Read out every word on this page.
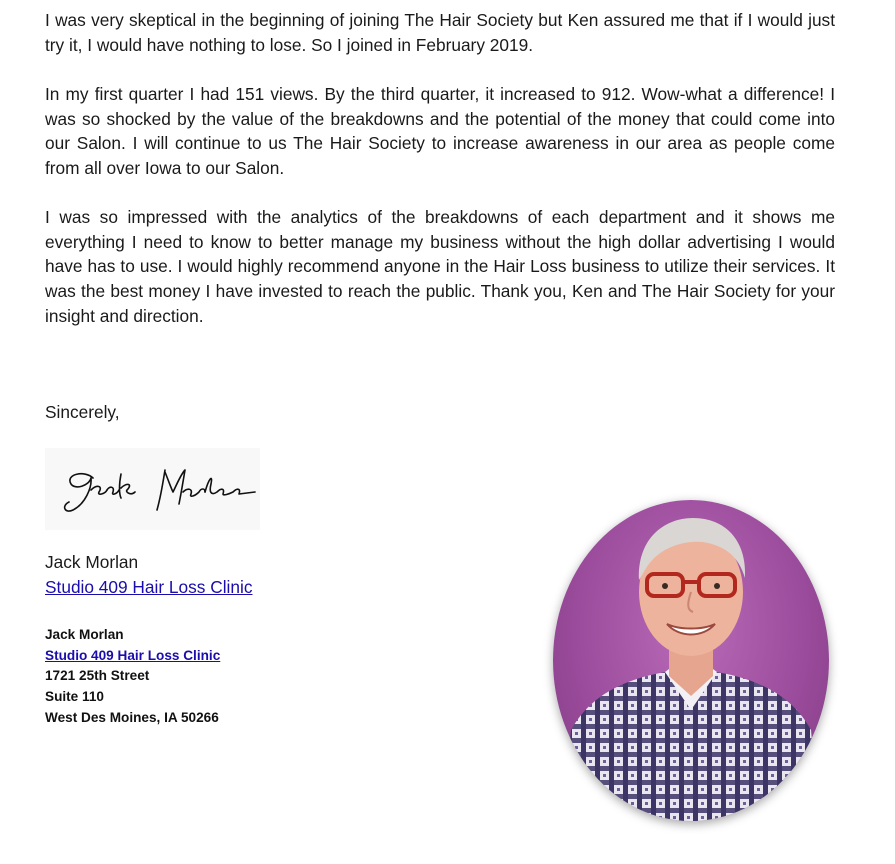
I was very skeptical in the beginning of joining The Hair Society but Ken assured me that if I would just try it, I would have nothing to lose. So I joined in February 2019.

In my first quarter I had 151 views. By the third quarter, it increased to 912. Wow-what a difference! I was so shocked by the value of the breakdowns and the potential of the money that could come into our Salon. I will continue to us The Hair Society to increase awareness in our area as people come from all over Iowa to our Salon.

I was so impressed with the analytics of the breakdowns of each department and it shows me everything I need to know to better manage my business without the high dollar advertising I would have has to use. I would highly recommend anyone in the Hair Loss business to utilize their services. It was the best money I have invested to reach the public. Thank you, Ken and The Hair Society for your insight and direction.

Sincerely,

Jack Morlan

Studio 409 Hair Loss Clinic

Jack Morlan

Studio 409 Hair Loss Clinic

1721 25th Street

Suite 110

West Des Moines, IA 50266
